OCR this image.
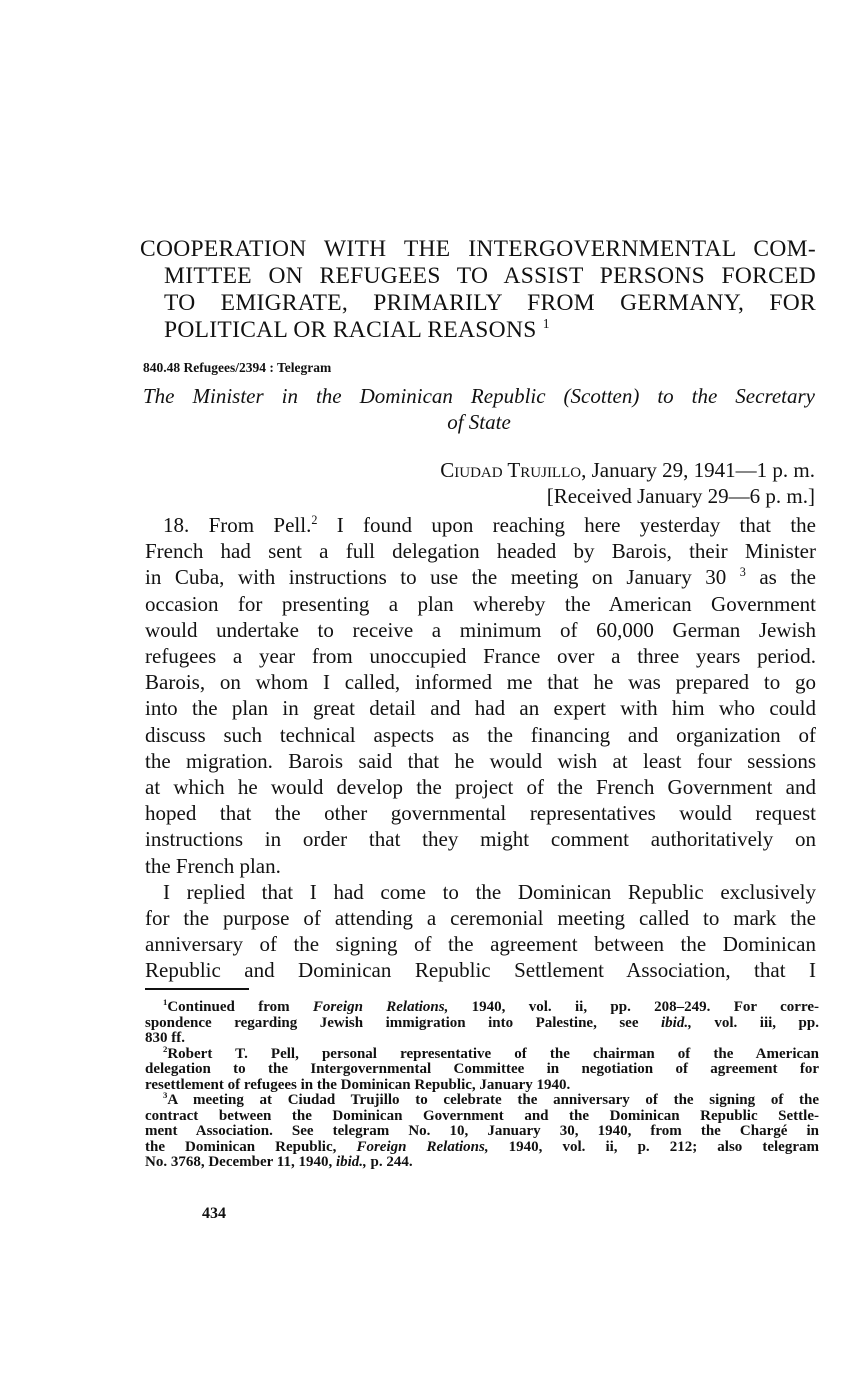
COOPERATION WITH THE INTERGOVERNMENTAL COM-
MITTEE ON REFUGEES TO ASSIST PERSONS FORCED
TO EMIGRATE, PRIMARILY FROM GERMANY, FOR
POLITICAL OR RACIAL REASONS $^1$
840.48 Refugees/2394 : Telegram
The Minister in the Dominican Republic (Scotten) to the Secretary
of State
Ciudad Trujillo, January 29, 1941—1 p. m.
[Received January 29—6 p. m.]
18. From Pell.$^2$ I found upon reaching here yesterday that the
French had sent a full delegation headed by Barois, their Minister
in Cuba, with instructions to use the meeting on January 30 $^3$ as the
occasion for presenting a plan whereby the American Government
would undertake to receive a minimum of 60,000 German Jewish
refugees a year from unoccupied France over a three years period.
Barois, on whom I called, informed me that he was prepared to go
into the plan in great detail and had an expert with him who could
discuss such technical aspects as the financing and organization of
the migration. Barois said that he would wish at least four sessions
at which he would develop the project of the French Government and
hoped that the other governmental representatives would request
instructions in order that they might comment authoritatively on
the French plan.
I replied that I had come to the Dominican Republic exclusively
for the purpose of attending a ceremonial meeting called to mark the
anniversary of the signing of the agreement between the Dominican
Republic and Dominican Republic Settlement Association, that I
$^1$Continued from Foreign Relations, 1940, vol. ii, pp. 208–249. For corre-
spondence regarding Jewish immigration into Palestine, see ibid., vol. iii, pp.
830 ff.
$^2$Robert T. Pell, personal representative of the chairman of the American
delegation to the Intergovernmental Committee in negotiation of agreement for
resettlement of refugees in the Dominican Republic, January 1940.
$^3$A meeting at Ciudad Trujillo to celebrate the anniversary of the signing of the
contract between the Dominican Government and the Dominican Republic Settle-
ment Association. See telegram No. 10, January 30, 1940, from the Chargé in
the Dominican Republic, Foreign Relations, 1940, vol. ii, p. 212; also telegram
No. 3768, December 11, 1940, ibid., p. 244.
434
